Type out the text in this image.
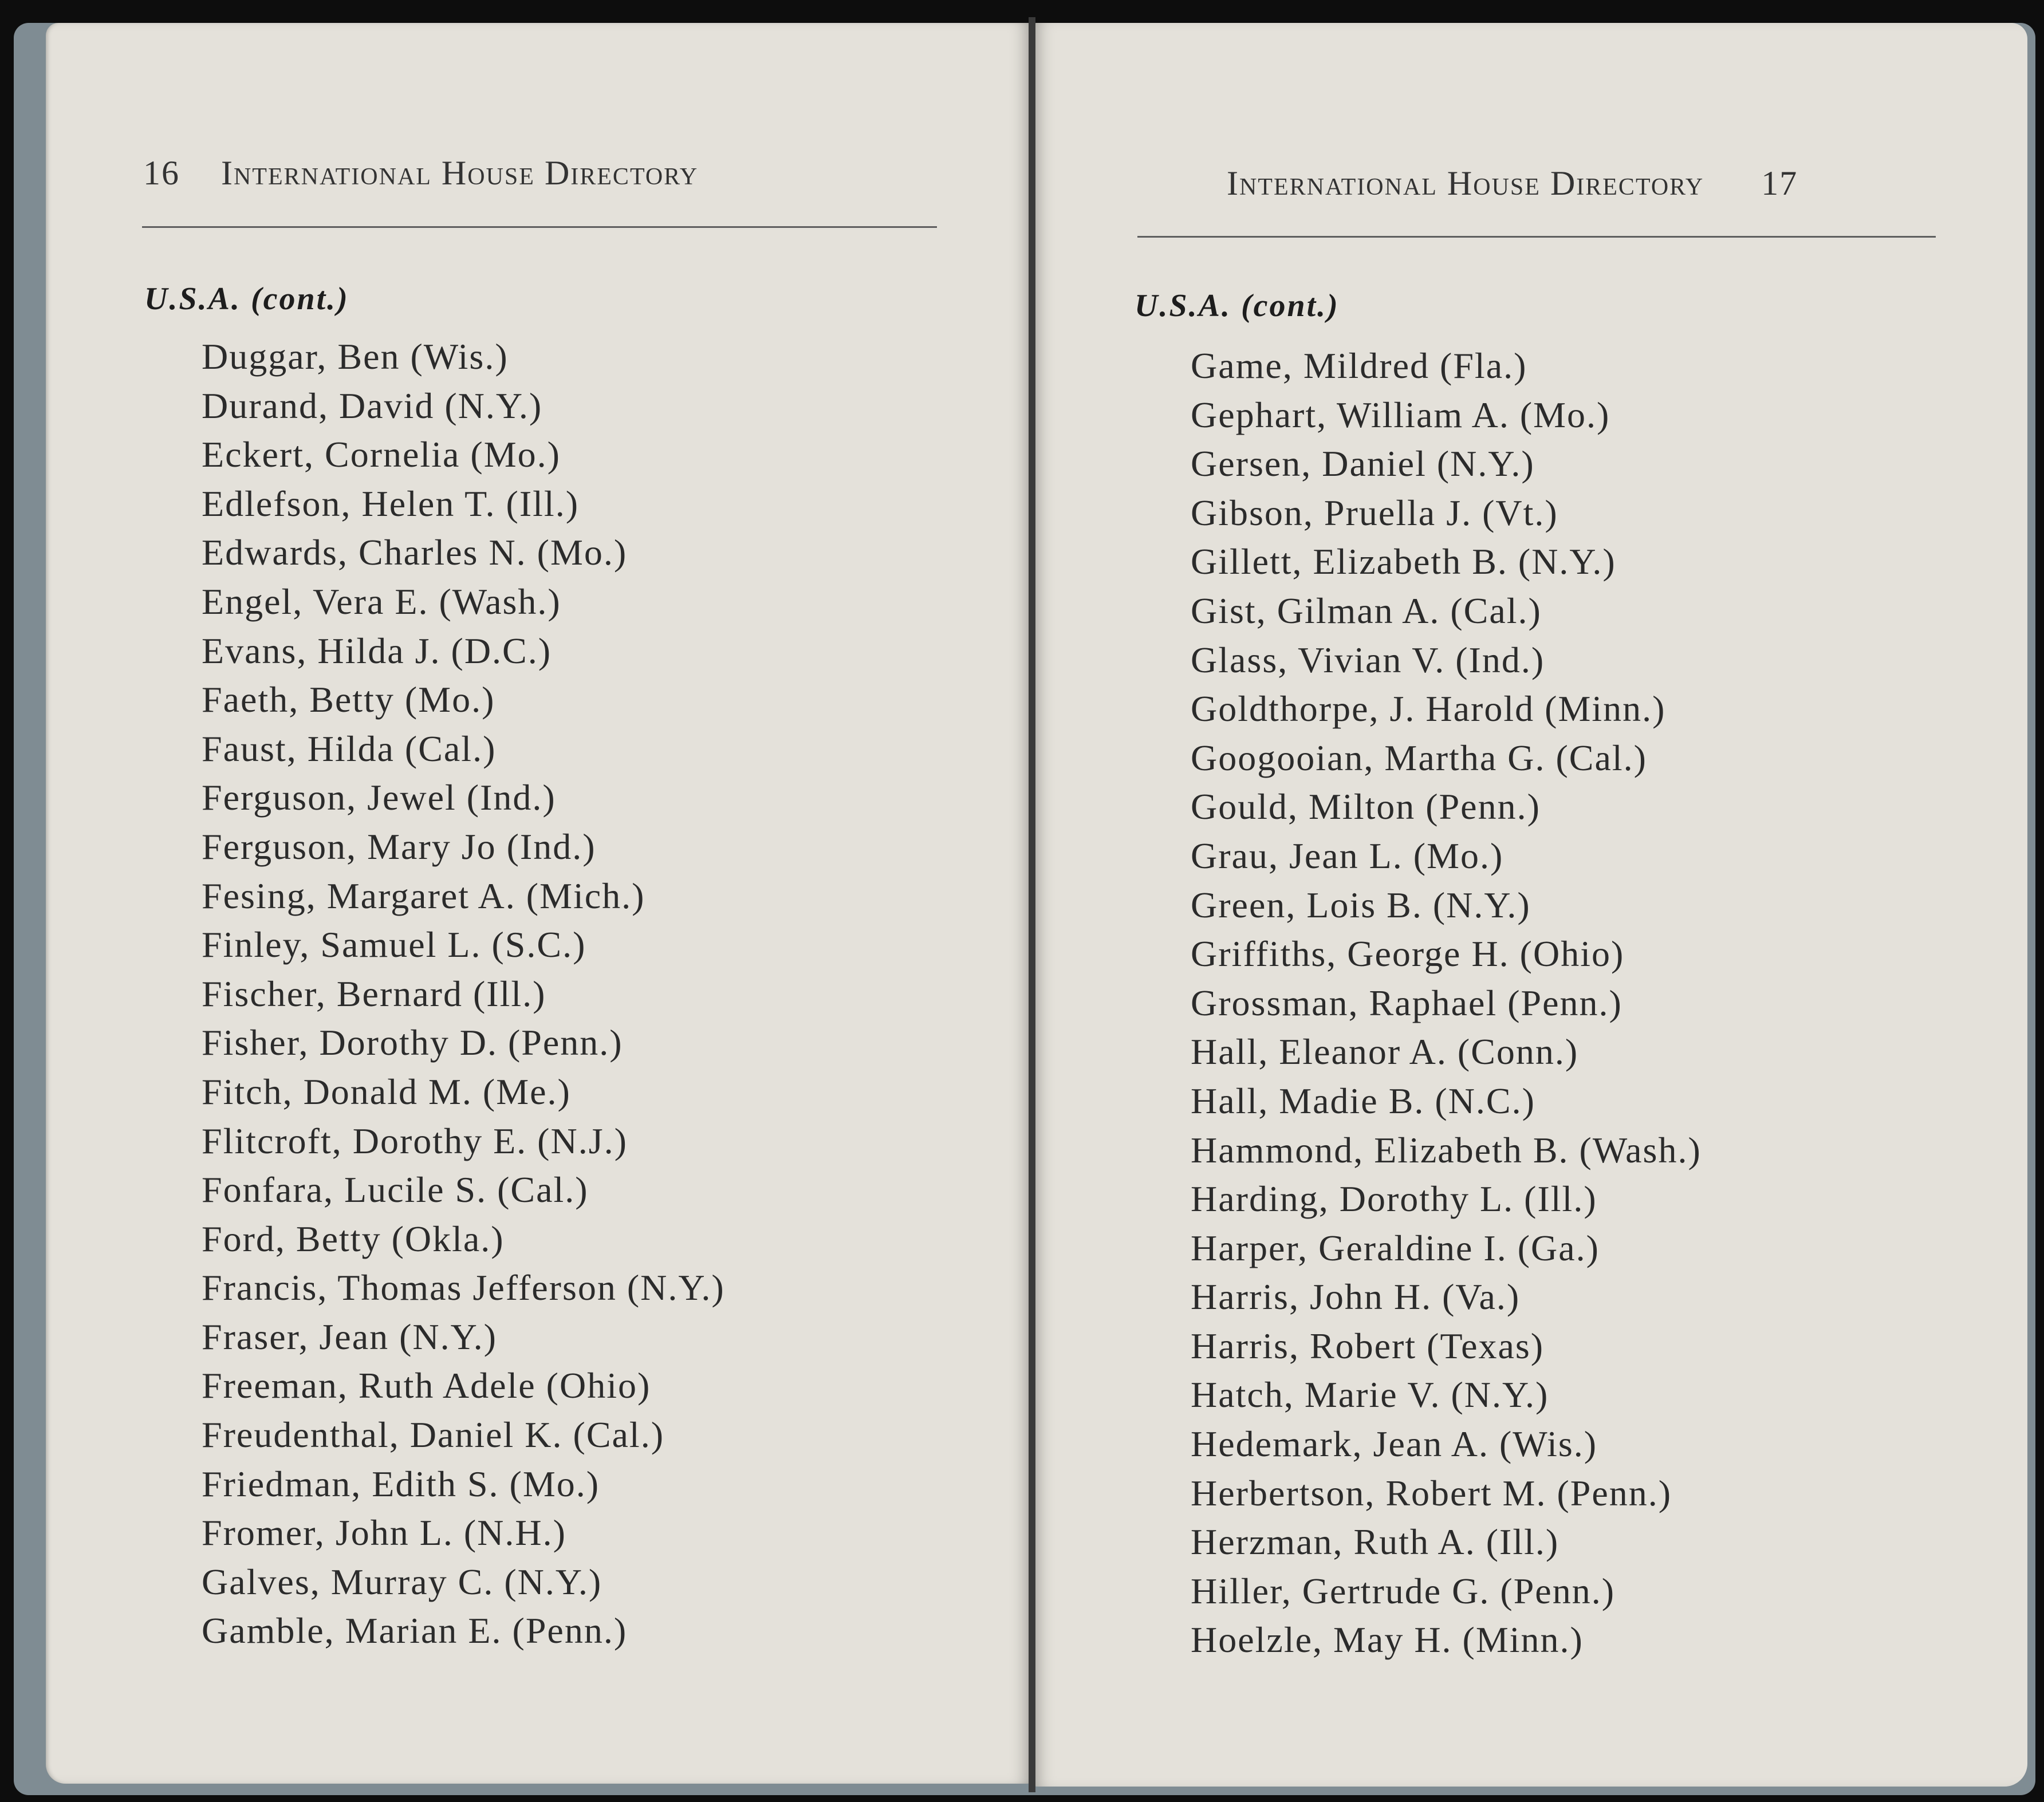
16 International House Directory
U.S.A. (cont.)
Duggar, Ben (Wis.)
Durand, David (N.Y.)
Eckert, Cornelia (Mo.)
Edlefson, Helen T. (Ill.)
Edwards, Charles N. (Mo.)
Engel, Vera E. (Wash.)
Evans, Hilda J. (D.C.)
Faeth, Betty (Mo.)
Faust, Hilda (Cal.)
Ferguson, Jewel (Ind.)
Ferguson, Mary Jo (Ind.)
Fesing, Margaret A. (Mich.)
Finley, Samuel L. (S.C.)
Fischer, Bernard (Ill.)
Fisher, Dorothy D. (Penn.)
Fitch, Donald M. (Me.)
Flitcroft, Dorothy E. (N.J.)
Fonfara, Lucile S. (Cal.)
Ford, Betty (Okla.)
Francis, Thomas Jefferson (N.Y.)
Fraser, Jean (N.Y.)
Freeman, Ruth Adele (Ohio)
Freudenthal, Daniel K. (Cal.)
Friedman, Edith S. (Mo.)
Fromer, John L. (N.H.)
Galves, Murray C. (N.Y.)
Gamble, Marian E. (Penn.)
International House Directory 17
U.S.A. (cont.)
Game, Mildred (Fla.)
Gephart, William A. (Mo.)
Gersen, Daniel (N.Y.)
Gibson, Pruella J. (Vt.)
Gillett, Elizabeth B. (N.Y.)
Gist, Gilman A. (Cal.)
Glass, Vivian V. (Ind.)
Goldthorpe, J. Harold (Minn.)
Googooian, Martha G. (Cal.)
Gould, Milton (Penn.)
Grau, Jean L. (Mo.)
Green, Lois B. (N.Y.)
Griffiths, George H. (Ohio)
Grossman, Raphael (Penn.)
Hall, Eleanor A. (Conn.)
Hall, Madie B. (N.C.)
Hammond, Elizabeth B. (Wash.)
Harding, Dorothy L. (Ill.)
Harper, Geraldine I. (Ga.)
Harris, John H. (Va.)
Harris, Robert (Texas)
Hatch, Marie V. (N.Y.)
Hedemark, Jean A. (Wis.)
Herbertson, Robert M. (Penn.)
Herzman, Ruth A. (Ill.)
Hiller, Gertrude G. (Penn.)
Hoelzle, May H. (Minn.)
